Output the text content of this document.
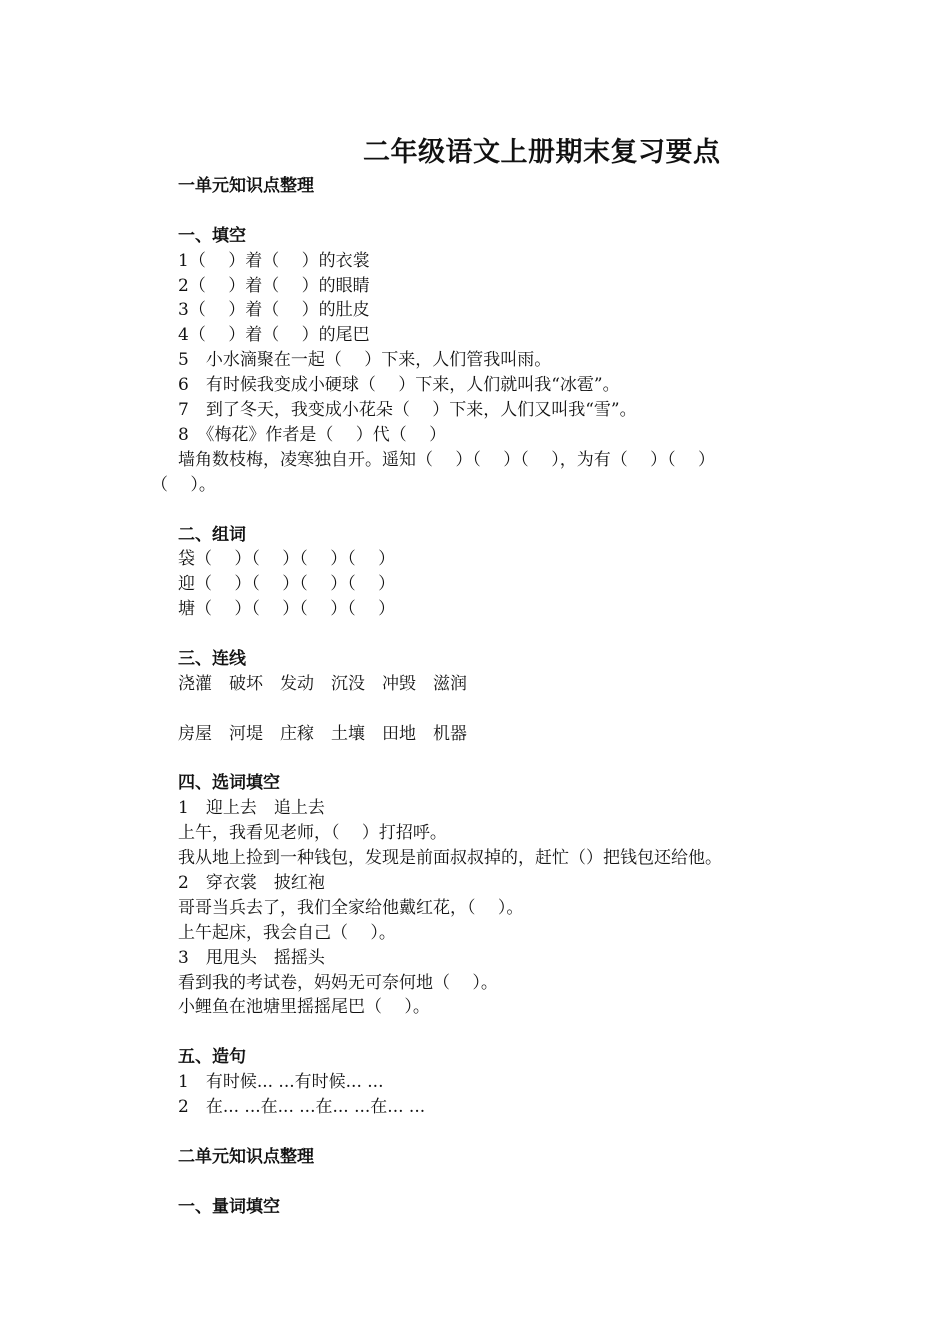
二年级语文上册期末复习要点
一单元知识点整理
一、填空
1（　 ）着（　 ）的衣裳
2（　 ）着（　 ）的眼睛
3（　 ）着（　 ）的肚皮
4（　 ）着（　 ）的尾巴
5　小水滴聚在一起（　 ）下来，人们管我叫雨。
6　有时候我变成小硬球（　 ）下来，人们就叫我“冰雹”。
7　到了冬天，我变成小花朵（　 ）下来，人们又叫我“雪”。
8　《梅花》作者是（　 ）代（　 ）
墙角数枝梅，凌寒独自开。遥知（　 ）（　 ）（　 ），为有（　 ）（　 ）
（　 ）。
二、组词
袋（　 ）（　 ）（　 ）（　 ）
迎（　 ）（　 ）（　 ）（　 ）
塘（　 ）（　 ）（　 ）（　 ）
三、连线
浇灌　破坏　发动　沉没　冲毁　滋润
房屋　河堤　庄稼　土壤　田地　机器
四、选词填空
1　迎上去　追上去
上午，我看见老师，（　 ）打招呼。
我从地上捡到一种钱包，发现是前面叔叔掉的，赶忙（）把钱包还给他。
2　穿衣裳　披红袍
哥哥当兵去了，我们全家给他戴红花，（　 ）。
上午起床，我会自己（　 ）。
3　甩甩头　摇摇头
看到我的考试卷，妈妈无可奈何地（　 ）。
小鲤鱼在池塘里摇摇尾巴（　 ）。
五、造句
1　有时候... ...有时候... ...
2　在... ...在... ...在... ...在... ...
二单元知识点整理
一、量词填空
